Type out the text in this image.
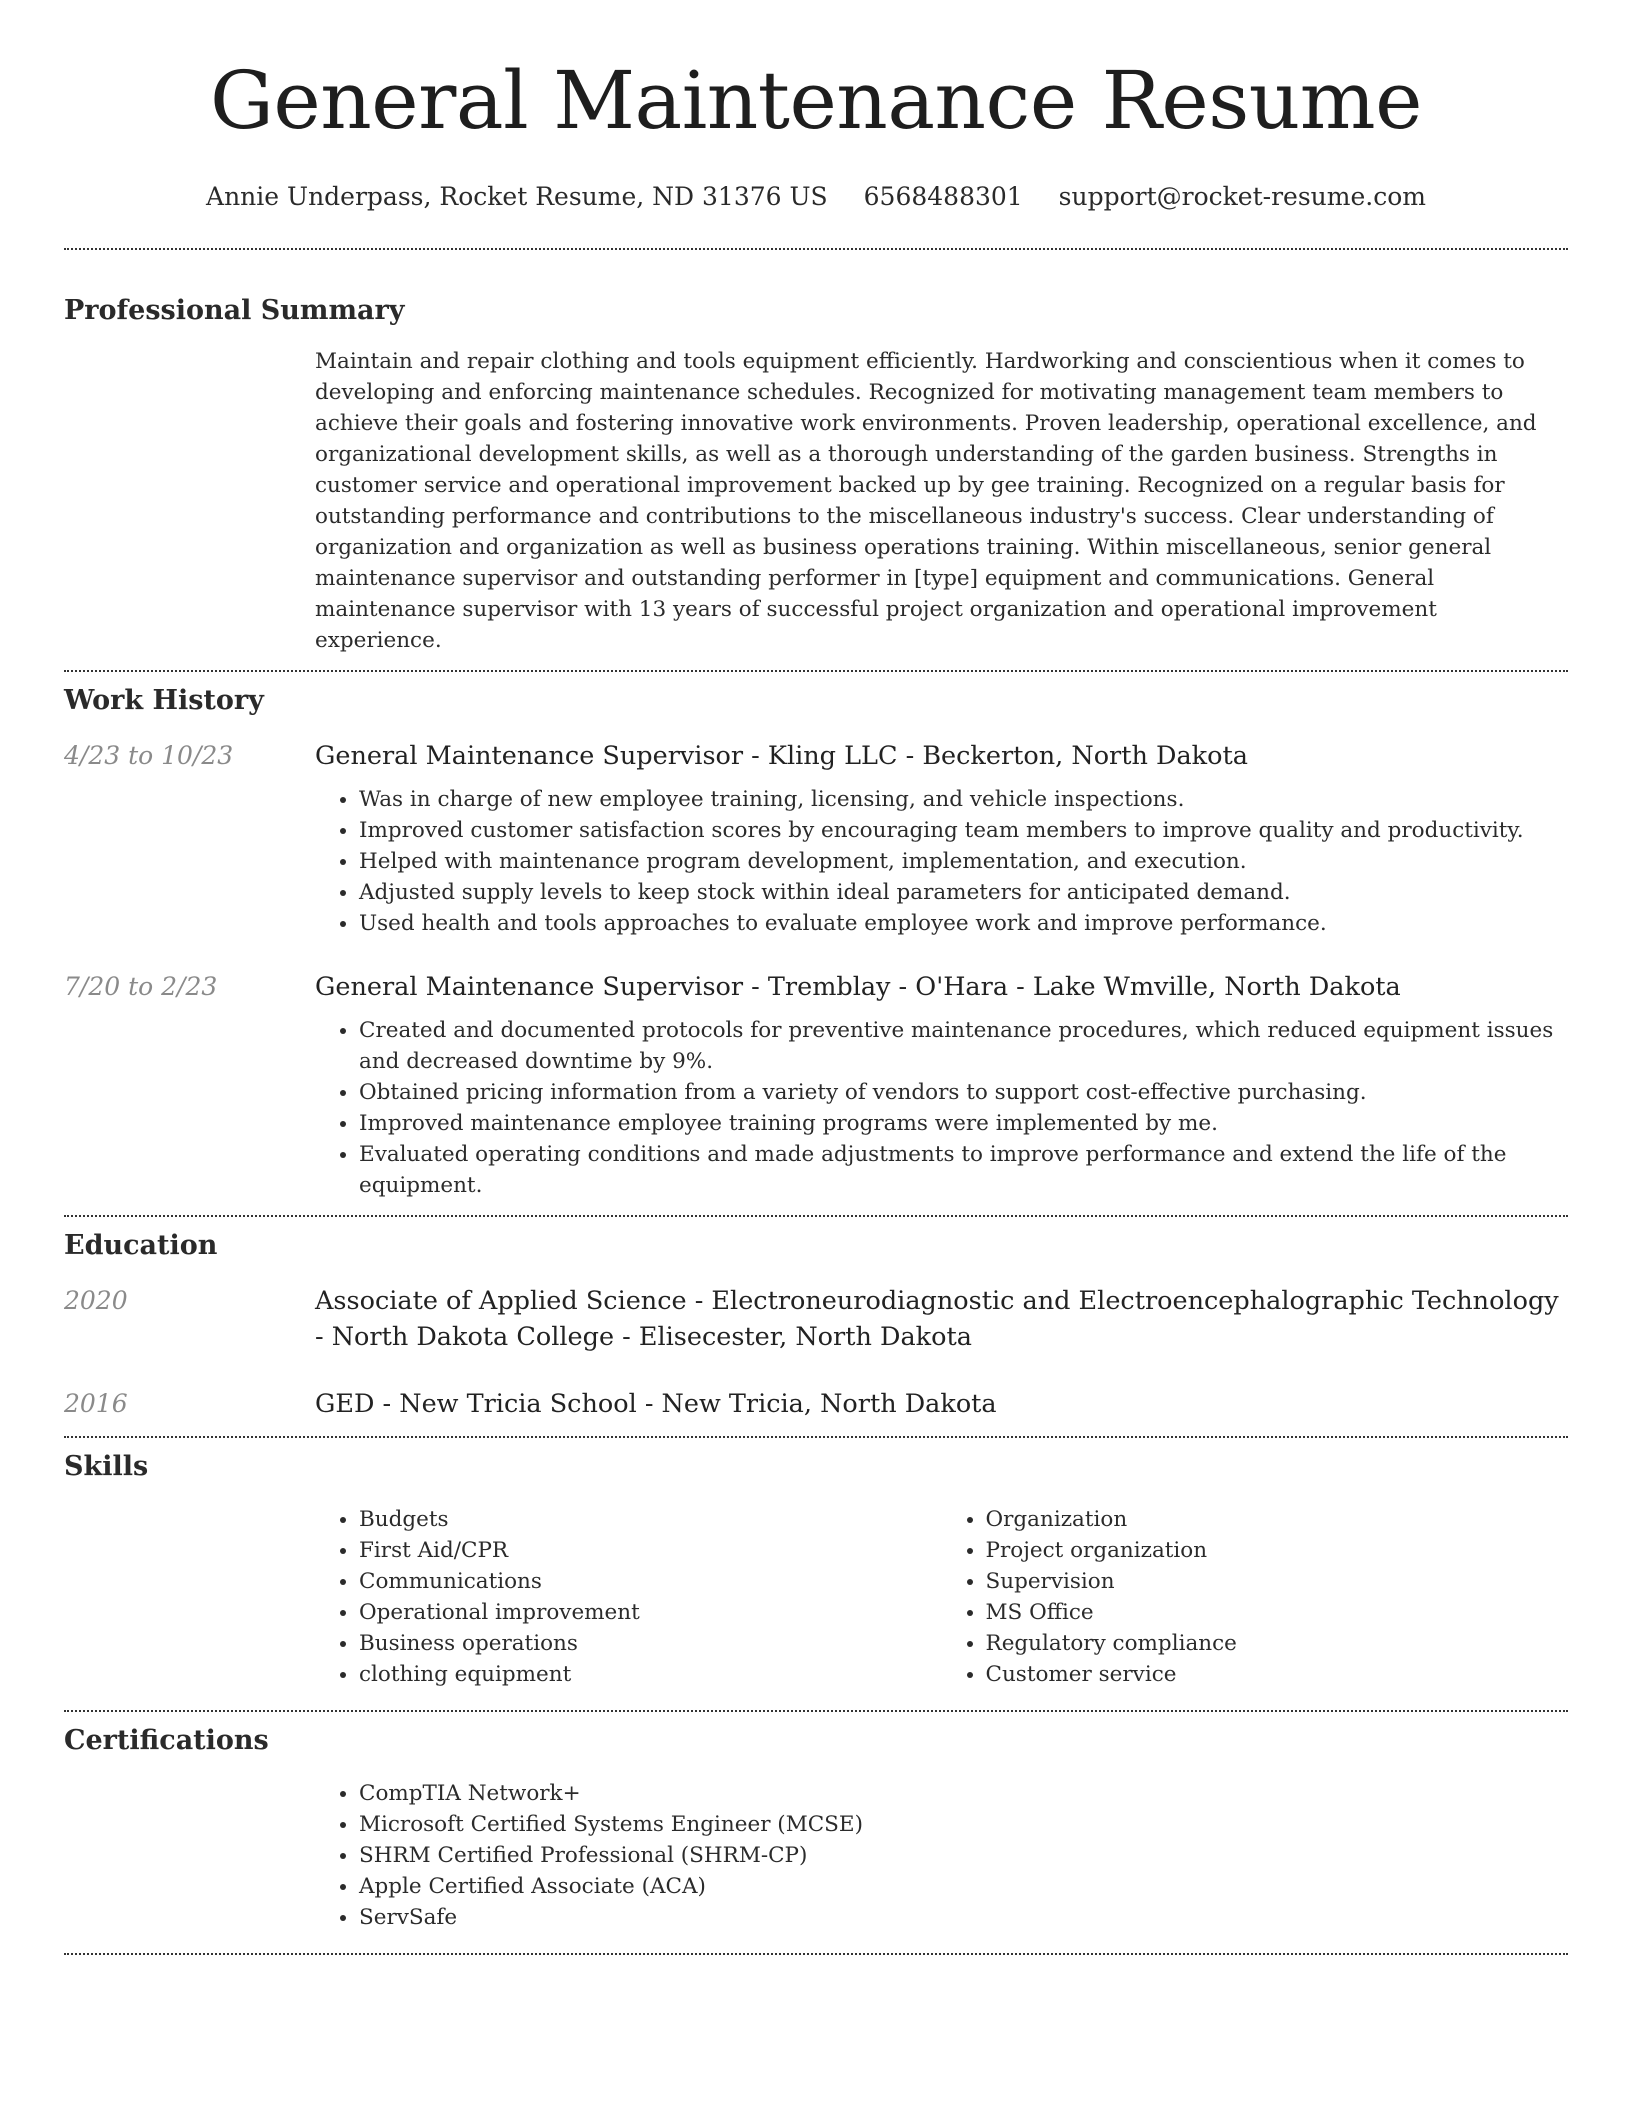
General Maintenance Resume
Annie Underpass, Rocket Resume, ND 31376 US 6568488301 support@rocket-resume.com
Professional Summary

Maintain and repair clothing and tools equipment efficiently. Hardworking and conscientious when it comes to developing and enforcing maintenance schedules. Recognized for motivating management team members to achieve their goals and fostering innovative work environments. Proven leadership, operational excellence, and organizational development skills, as well as a thorough understanding of the garden business. Strengths in customer service and operational improvement backed up by gee training. Recognized on a regular basis for outstanding performance and contributions to the miscellaneous industry's success. Clear understanding of organization and organization as well as business operations training. Within miscellaneous, senior general maintenance supervisor and outstanding performer in [type] equipment and communications. General maintenance supervisor with 13 years of successful project organization and operational improvement experience.

Work History
4/23 to 10/23	General Maintenance Supervisor - Kling LLC - Beckerton, North Dakota
• Was in charge of new employee training, licensing, and vehicle inspections.
• Improved customer satisfaction scores by encouraging team members to improve quality and productivity.
• Helped with maintenance program development, implementation, and execution.
• Adjusted supply levels to keep stock within ideal parameters for anticipated demand.
• Used health and tools approaches to evaluate employee work and improve performance.
7/20 to 2/23	General Maintenance Supervisor - Tremblay - O'Hara - Lake Wmville, North Dakota
• Created and documented protocols for preventive maintenance procedures, which reduced equipment issues and decreased downtime by 9%.
• Obtained pricing information from a variety of vendors to support cost-effective purchasing.
• Improved maintenance employee training programs were implemented by me.
• Evaluated operating conditions and made adjustments to improve performance and extend the life of the equipment.
Education
2020	Associate of Applied Science - Electroneurodiagnostic and Electroencephalographic Technology - North Dakota College - Elisecester, North Dakota
2016	GED - New Tricia School - New Tricia, North Dakota
Skills
• Budgets
• First Aid/CPR
• Communications
• Operational improvement
• Business operations
• clothing equipment
• Organization
• Project organization
• Supervision
• MS Office
• Regulatory compliance
• Customer service
Certifications
• CompTIA Network+
• Microsoft Certified Systems Engineer (MCSE)
• SHRM Certified Professional (SHRM-CP)
• Apple Certified Associate (ACA)
• ServSafe
